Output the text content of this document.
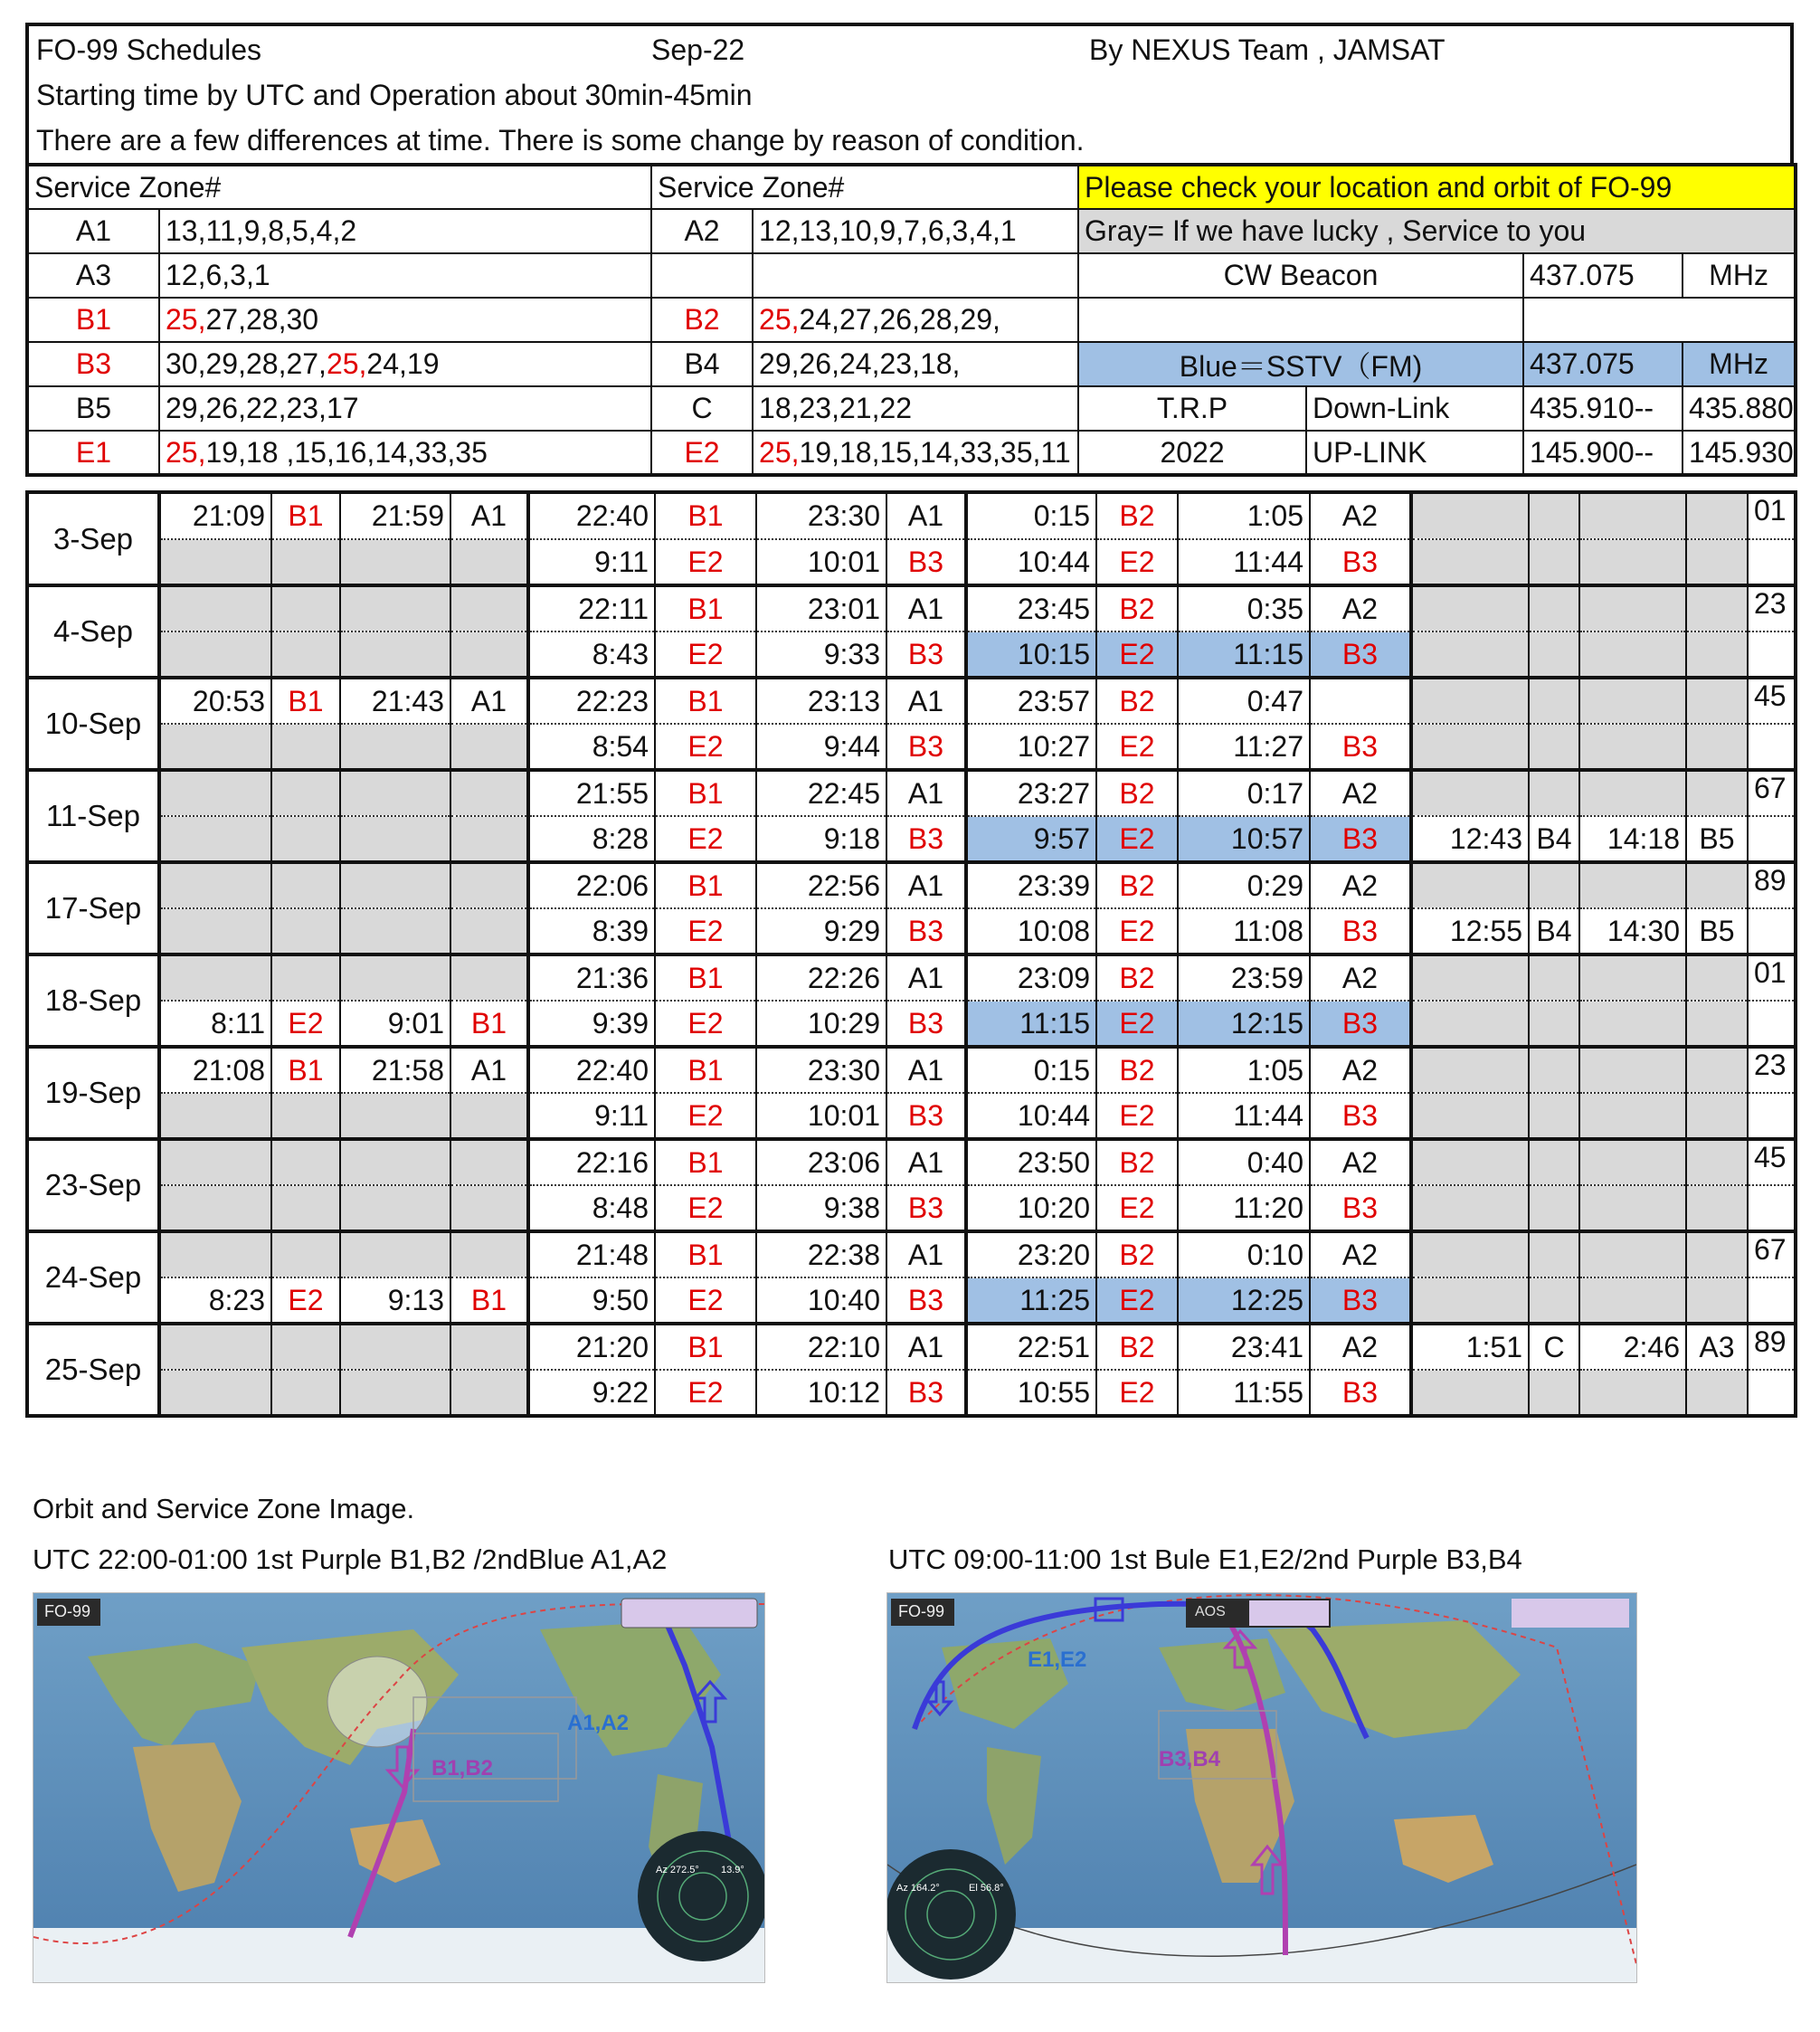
FO-99 Schedules	Sep-22	By NEXUS Team , JAMSAT
Starting time by UTC and Operation about 30min-45min
There are a few differences at time. There is some change by reason of condition.
Service Zone#		Service Zone#		Please check your location and orbit of FO-99			
A1	13,11,9,8,5,4,2	A2	12,13,10,9,7,6,3,4,1	Gray= If we have lucky , Service to you			
A3	12,6,3,1			CW Beacon		437.075	MHz
B1	25,27,28,30	B2	25,24,27,26,28,29,				
B3	30,29,28,27,25,24,19	B4	29,26,24,23,18,	Blue＝SSTV（FM)		437.075	MHz
B5	29,26,22,23,17	C	18,23,21,22	T.R.P	Down-Link	435.910--	435.880
E1	25,19,18 ,15,16,14,33,35	E2	25,19,18,15,14,33,35,11	2022	UP-LINK	145.900--	145.930
3-Sep	21:09	B1	21:59	A1	22:40	B1	23:30	A1	0:15	B2	1:05	A2					01
					9:11	E2	10:01	B3	10:44	E2	11:44	B3					
4-Sep					22:11	B1	23:01	A1	23:45	B2	0:35	A2					23
					8:43	E2	9:33	B3	10:15	E2	11:15	B3					
10-Sep	20:53	B1	21:43	A1	22:23	B1	23:13	A1	23:57	B2	0:47						45
					8:54	E2	9:44	B3	10:27	E2	11:27	B3					
11-Sep					21:55	B1	22:45	A1	23:27	B2	0:17	A2					67
					8:28	E2	9:18	B3	9:57	E2	10:57	B3	12:43	B4	14:18	B5	
17-Sep					22:06	B1	22:56	A1	23:39	B2	0:29	A2					89
					8:39	E2	9:29	B3	10:08	E2	11:08	B3	12:55	B4	14:30	B5	
18-Sep					21:36	B1	22:26	A1	23:09	B2	23:59	A2					01
	8:11	E2	9:01	B1	9:39	E2	10:29	B3	11:15	E2	12:15	B3					
19-Sep	21:08	B1	21:58	A1	22:40	B1	23:30	A1	0:15	B2	1:05	A2					23
					9:11	E2	10:01	B3	10:44	E2	11:44	B3					
23-Sep					22:16	B1	23:06	A1	23:50	B2	0:40	A2					45
					8:48	E2	9:38	B3	10:20	E2	11:20	B3					
24-Sep					21:48	B1	22:38	A1	23:20	B2	0:10	A2					67
	8:23	E2	9:13	B1	9:50	E2	10:40	B3	11:25	E2	12:25	B3					
25-Sep					21:20	B1	22:10	A1	22:51	B2	23:41	A2	1:51	C	2:46	A3	89
					9:22	E2	10:12	B3	10:55	E2	11:55	B3					
Orbit and Service Zone Image.
UTC 22:00-01:00 1st Purple B1,B2 /2ndBlue A1,A2	UTC 09:00-11:00 1st Bule E1,E2/2nd Purple B3,B4
FO-99
B1,B2
A1,A2
Az 272.5° 13.9°
FO-99	AOS
E1,E2
B3,B4
Az 164.2°	El 56.8°
